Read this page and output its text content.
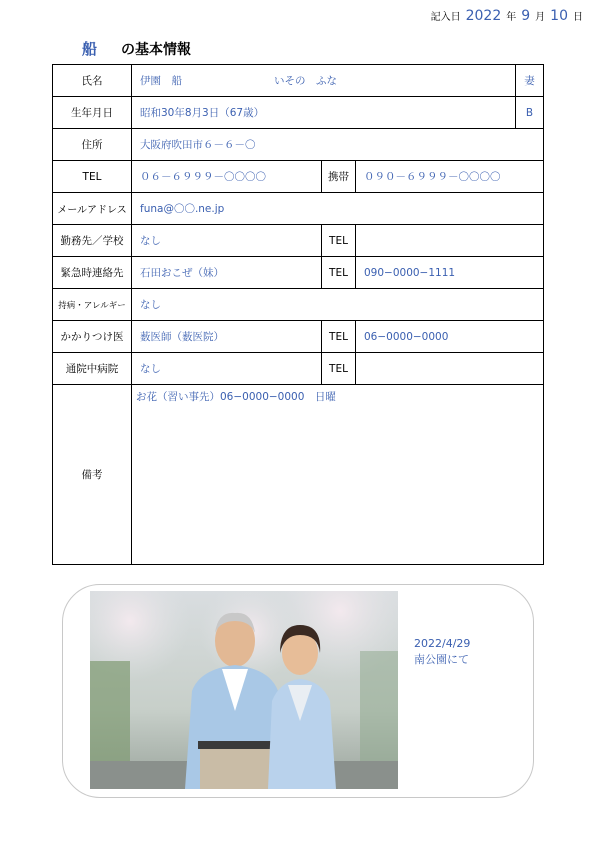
記入日 2022 年 9 月 10 日
船 の基本情報
氏名	伊園　船 いその　ふな			妻
生年月日	昭和30年8月3日（67歳）			B
住所	大阪府吹田市６－６－〇			
TEL	０６－６９９９－〇〇〇〇	携帯	０９０－６９９９－〇〇〇〇	
メールアドレス	funa@〇〇.ne.jp			
勤務先／学校	なし	TEL		
緊急時連絡先	石田おこぜ（妹）	TEL	090−0000−1111	
持病・アレルギー	なし			
かかりつけ医	薮医師（薮医院）	TEL	06−0000−0000	
通院中病院	なし	TEL		
備考	お花（習い事先）06−0000−0000　日曜			
2022/4/29
南公園にて
